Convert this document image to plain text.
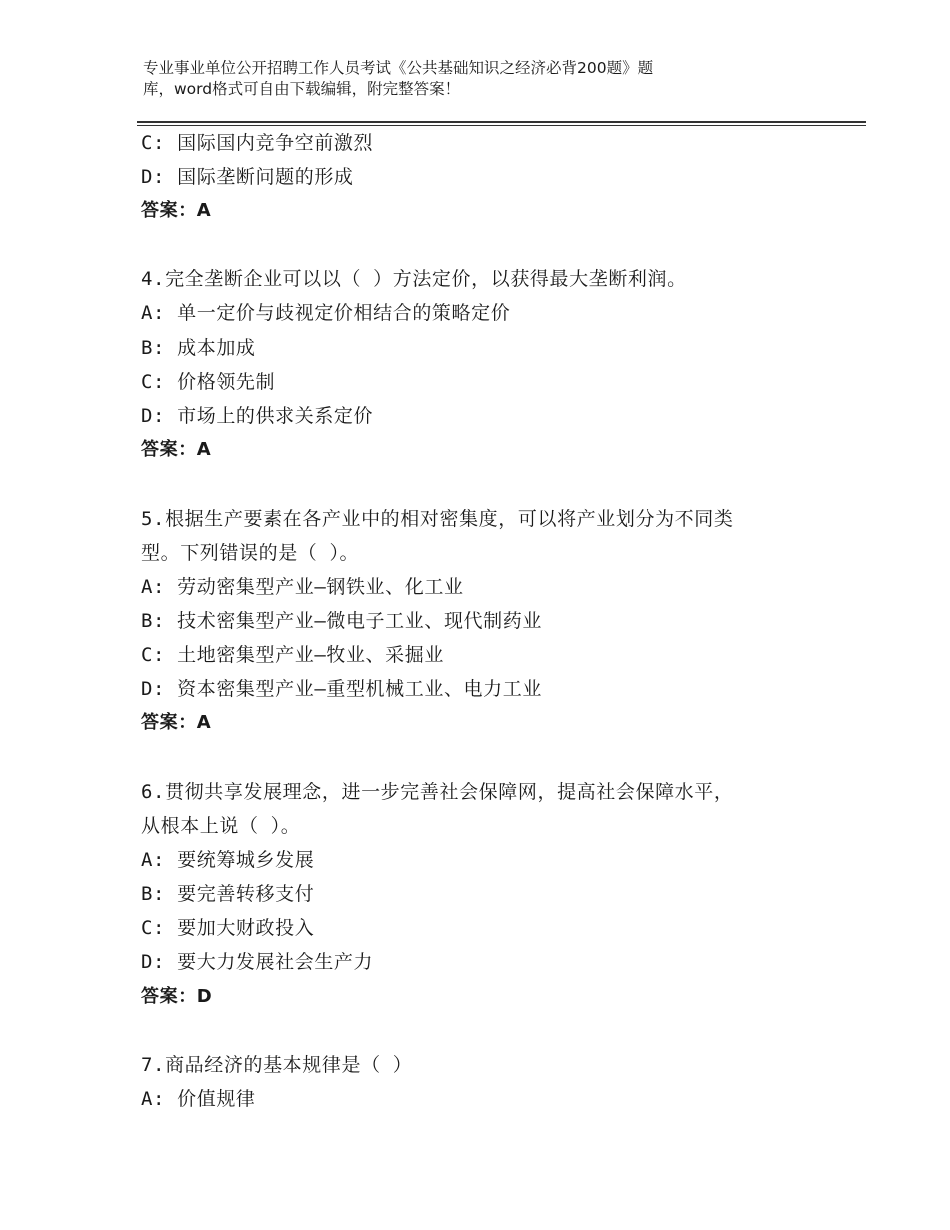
专业事业单位公开招聘工作人员考试《公共基础知识之经济必背200题》题
库，word格式可自由下载编辑，附完整答案！
C: 国际国内竞争空前激烈
D: 国际垄断问题的形成
答案：A
4.完全垄断企业可以以（ ）方法定价，以获得最大垄断利润。
A: 单一定价与歧视定价相结合的策略定价
B: 成本加成
C: 价格领先制
D: 市场上的供求关系定价
答案：A
5.根据生产要素在各产业中的相对密集度，可以将产业划分为不同类
型。下列错误的是（ ）。
A: 劳动密集型产业—钢铁业、化工业
B: 技术密集型产业—微电子工业、现代制药业
C: 土地密集型产业—牧业、采掘业
D: 资本密集型产业—重型机械工业、电力工业
答案：A
6.贯彻共享发展理念，进一步完善社会保障网，提高社会保障水平，
从根本上说（ ）。
A: 要统筹城乡发展
B: 要完善转移支付
C: 要加大财政投入
D: 要大力发展社会生产力
答案：D
7.商品经济的基本规律是（ ）
A: 价值规律
